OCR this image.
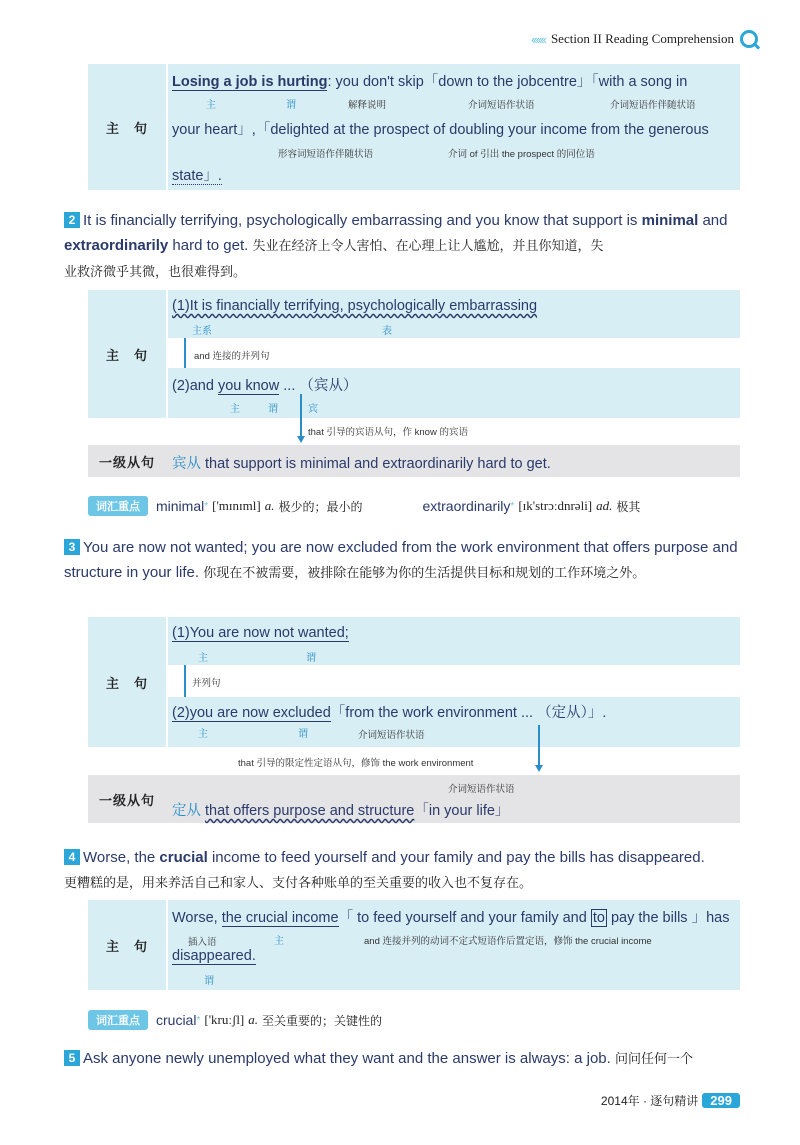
‹‹‹‹‹‹ Section II Reading Comprehension
主　句
Losing a job is hurting: you don't skip「down to the jobcentre」「with a song in
主	谓	解释说明	介词短语作状语	介词短语作伴随状语
your heart」,「delighted at the prospect of doubling your income from the generous
形容词短语作伴随状语	介词 of 引出 the prospect 的同位语
state」.
2 It is financially terrifying, psychologically embarrassing and you know that support is minimal and extraordinarily hard to get. 失业在经济上令人害怕、在心理上让人尴尬，并且你知道，失
业救济微乎其微，也很难得到。
主　句
(1)It is financially terrifying, psychologically embarrassing
主系	表
and 连接的并列句
(2)and you know ... （宾从）
主	谓	宾
that 引导的宾语从句，作 know 的宾语
一级从句	宾从 that support is minimal and extraordinarily hard to get.
词汇重点	minimal * ['mɪnɪml] a. 极少的；最小的	extraordinarily * [ɪk'strɔːdnrəli] ad. 极其
3 You are now not wanted; you are now excluded from the work environment that offers purpose and structure in your life. 你现在不被需要，被排除在能够为你的生活提供目标和规划的工作环境之外。
主　句
(1)You are now not wanted;
主	谓
并列句
(2)you are now excluded「from the work environment ... （定从）」.
主	谓	介词短语作状语
that 引导的限定性定语从句，修饰 the work environment
一级从句
介词短语作状语
定从 that offers purpose and structure「in your life」
4 Worse, the crucial income to feed yourself and your family and pay the bills has disappeared.
更糟糕的是，用来养活自己和家人、支付各种账单的至关重要的收入也不复存在。
主　句
Worse, the crucial income「 to feed yourself and your family and to pay the bills 」has
插入语	主	and 连接并列的动词不定式短语作后置定语，修饰 the crucial income
disappeared.
谓
词汇重点	crucial * ['kruːʃl] a. 至关重要的；关键性的
5 Ask anyone newly unemployed what they want and the answer is always: a job. 问问任何一个
2014年 · 逐句精讲 299
